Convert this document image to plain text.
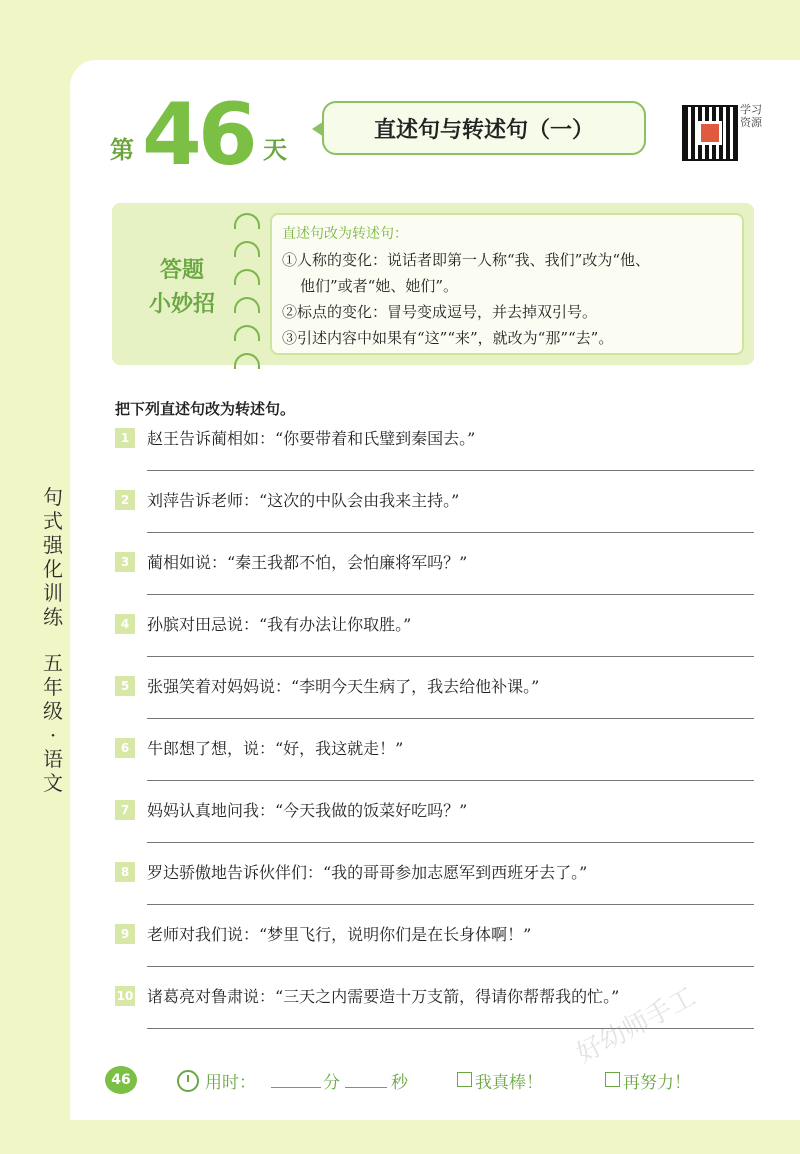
句式强化训练
五年级·语文
第 46 天
直述句与转述句（一）
学习资源
答题
小妙招
直述句改为转述句：
①人称的变化：说话者即第一人称“我、我们”改为“他、
他们”或者“她、她们”。
②标点的变化：冒号变成逗号，并去掉双引号。
③引述内容中如果有“这”“来”，就改为“那”“去”。
把下列直述句改为转述句。
1	赵王告诉蔺相如：“你要带着和氏璧到秦国去。”
2	刘萍告诉老师：“这次的中队会由我来主持。”
3	蔺相如说：“秦王我都不怕，会怕廉将军吗？”
4	孙膑对田忌说：“我有办法让你取胜。”
5	张强笑着对妈妈说：“李明今天生病了，我去给他补课。”
6	牛郎想了想，说：“好，我这就走！”
7	妈妈认真地问我：“今天我做的饭菜好吃吗？”
8	罗达骄傲地告诉伙伴们：“我的哥哥参加志愿军到西班牙去了。”
9	老师对我们说：“梦里飞行，说明你们是在长身体啊！”
10 诸葛亮对鲁肃说：“三天之内需要造十万支箭，得请你帮帮我的忙。”
好幼师手工
46	用时：	分	秒	我真棒！	再努力！
